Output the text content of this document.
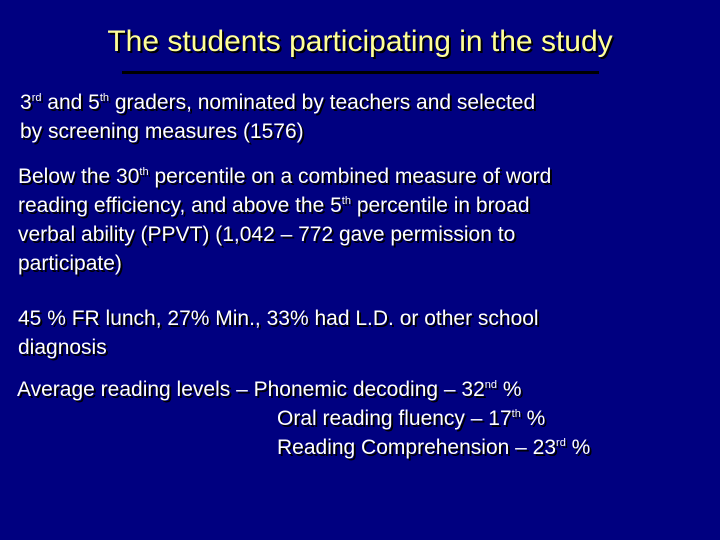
The students participating in the study
3rd and 5th graders, nominated by teachers and selected
by screening measures (1576)
Below the 30th percentile on a combined measure of word
reading efficiency, and above the 5th percentile in broad
verbal ability (PPVT) (1,042 – 772 gave permission to
participate)
45 % FR lunch, 27% Min., 33% had L.D. or other school
diagnosis
Average reading levels – Phonemic decoding – 32nd %
Oral reading fluency – 17th %
Reading Comprehension – 23rd %
